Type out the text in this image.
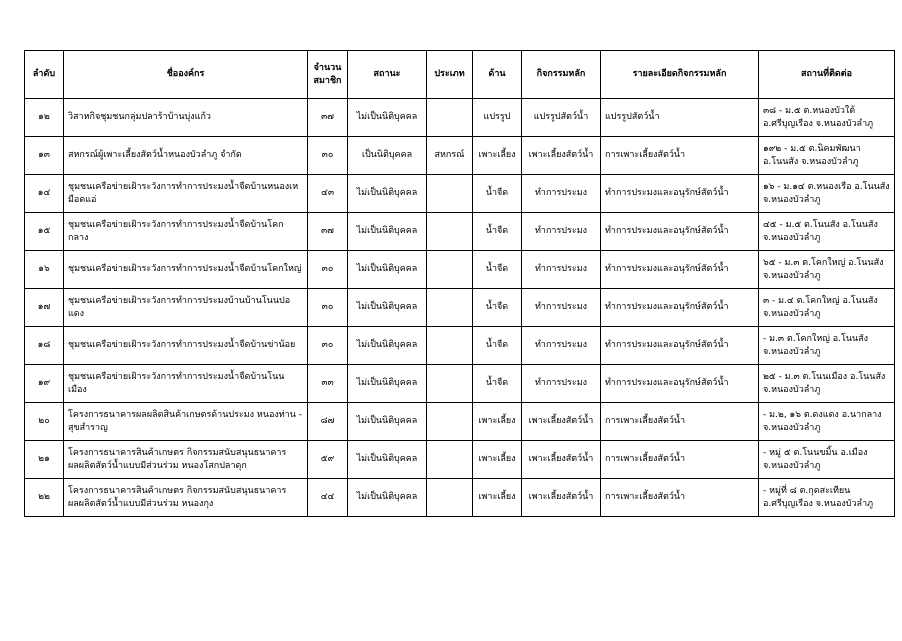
ลำดับ	ชื่อองค์กร	จำนวน สมาชิก	สถานะ	ประเภท	ด้าน	กิจกรรมหลัก	รายละเอียดกิจกรรมหลัก	สถานที่ติดต่อ
๑๒	วิสาหกิจชุมชนกลุ่มปลาร้าบ้านบุ่งแก้ว	๓๗	ไม่เป็นนิติบุคคล		แปรรูป	แปรรูปสัตว์น้ำ	แปรรูปสัตว์น้ำ	๓๘ - ม.๕ ต.หนองบัวใต้ อ.ศรีบุญเรือง จ.หนองบัวลำภู
๑๓	สหกรณ์ผู้เพาะเลี้ยงสัตว์น้ำหนองบัวลำภู จำกัด	๓๐	เป็นนิติบุคคล	สหกรณ์	เพาะเลี้ยง	เพาะเลี้ยงสัตว์น้ำ	การเพาะเลี้ยงสัตว์น้ำ	๑๙๒ - ม.๕ ต.นิคมพัฒนา อ.โนนสัง จ.หนองบัวลำภู
๑๔	ชุมชนเครือข่ายเฝ้าระวังการทำการประมงน้ำจืดบ้านหนองเหมือดแอ่	๔๓	ไม่เป็นนิติบุคคล		น้ำจืด	ทำการประมง	ทำการประมงและอนุรักษ์สัตว์น้ำ	๑๖ - ม.๑๔ ต.หนองเรือ อ.โนนสัง จ.หนองบัวลำภู
๑๕	ชุมชนเครือข่ายเฝ้าระวังการทำการประมงน้ำจืดบ้านโคกกลาง	๓๗	ไม่เป็นนิติบุคคล		น้ำจืด	ทำการประมง	ทำการประมงและอนุรักษ์สัตว์น้ำ	๔๕ - ม.๕ ต.โนนสัง อ.โนนสัง จ.หนองบัวลำภู
๑๖	ชุมชนเครือข่ายเฝ้าระวังการทำการประมงน้ำจืดบ้านโคกใหญ่	๓๐	ไม่เป็นนิติบุคคล		น้ำจืด	ทำการประมง	ทำการประมงและอนุรักษ์สัตว์น้ำ	๖๕ - ม.๓ ต.โคกใหญ่ อ.โนนสัง จ.หนองบัวลำภู
๑๗	ชุมชนเครือข่ายเฝ้าระวังการทำการประมงบ้านบ้านโนนปอแดง	๓๐	ไม่เป็นนิติบุคคล		น้ำจืด	ทำการประมง	ทำการประมงและอนุรักษ์สัตว์น้ำ	๓ - ม.๔ ต.โคกใหญ่ อ.โนนสัง จ.หนองบัวลำภู
๑๘	ชุมชนเครือข่ายเฝ้าระวังการทำการประมงน้ำจืดบ้านข่าน้อย	๓๐	ไม่เป็นนิติบุคคล		น้ำจืด	ทำการประมง	ทำการประมงและอนุรักษ์สัตว์น้ำ	- ม.๓ ต.โคกใหญ่ อ.โนนสัง จ.หนองบัวลำภู
๑๙	ชุมชนเครือข่ายเฝ้าระวังการทำการประมงน้ำจืดบ้านโนนเมือง	๓๓	ไม่เป็นนิติบุคคล		น้ำจืด	ทำการประมง	ทำการประมงและอนุรักษ์สัตว์น้ำ	๒๕ - ม.๓ ต.โนนเมือง อ.โนนสัง จ.หนองบัวลำภู
๒๐	โครงการธนาคารผลผลิตสินค้าเกษตรด้านประมง หนองท่าน - สุขสำราญ	๘๗	ไม่เป็นนิติบุคคล		เพาะเลี้ยง	เพาะเลี้ยงสัตว์น้ำ	การเพาะเลี้ยงสัตว์น้ำ	- ม.๒, ๑๖ ต.ดงแดง อ.นากลาง จ.หนองบัวลำภู
๒๑	โครงการธนาคารสินค้าเกษตร กิจกรรมสนับสนุนธนาคารผลผลิตสัตว์น้ำแบบมีส่วนร่วม หนองโสกปลาดุก	๕๙	ไม่เป็นนิติบุคคล		เพาะเลี้ยง	เพาะเลี้ยงสัตว์น้ำ	การเพาะเลี้ยงสัตว์น้ำ	- หมู่ ๕ ต.โนนขมิ้น อ.เมือง จ.หนองบัวลำภู
๒๒	โครงการธนาคารสินค้าเกษตร กิจกรรมสนับสนุนธนาคารผลผลิตสัตว์น้ำแบบมีส่วนร่วม หนองกุง	๔๔	ไม่เป็นนิติบุคคล		เพาะเลี้ยง	เพาะเลี้ยงสัตว์น้ำ	การเพาะเลี้ยงสัตว์น้ำ	- หมู่ที่ ๘ ต.กุดสะเทียน อ.ศรีบุญเรือง จ.หนองบัวลำภู
